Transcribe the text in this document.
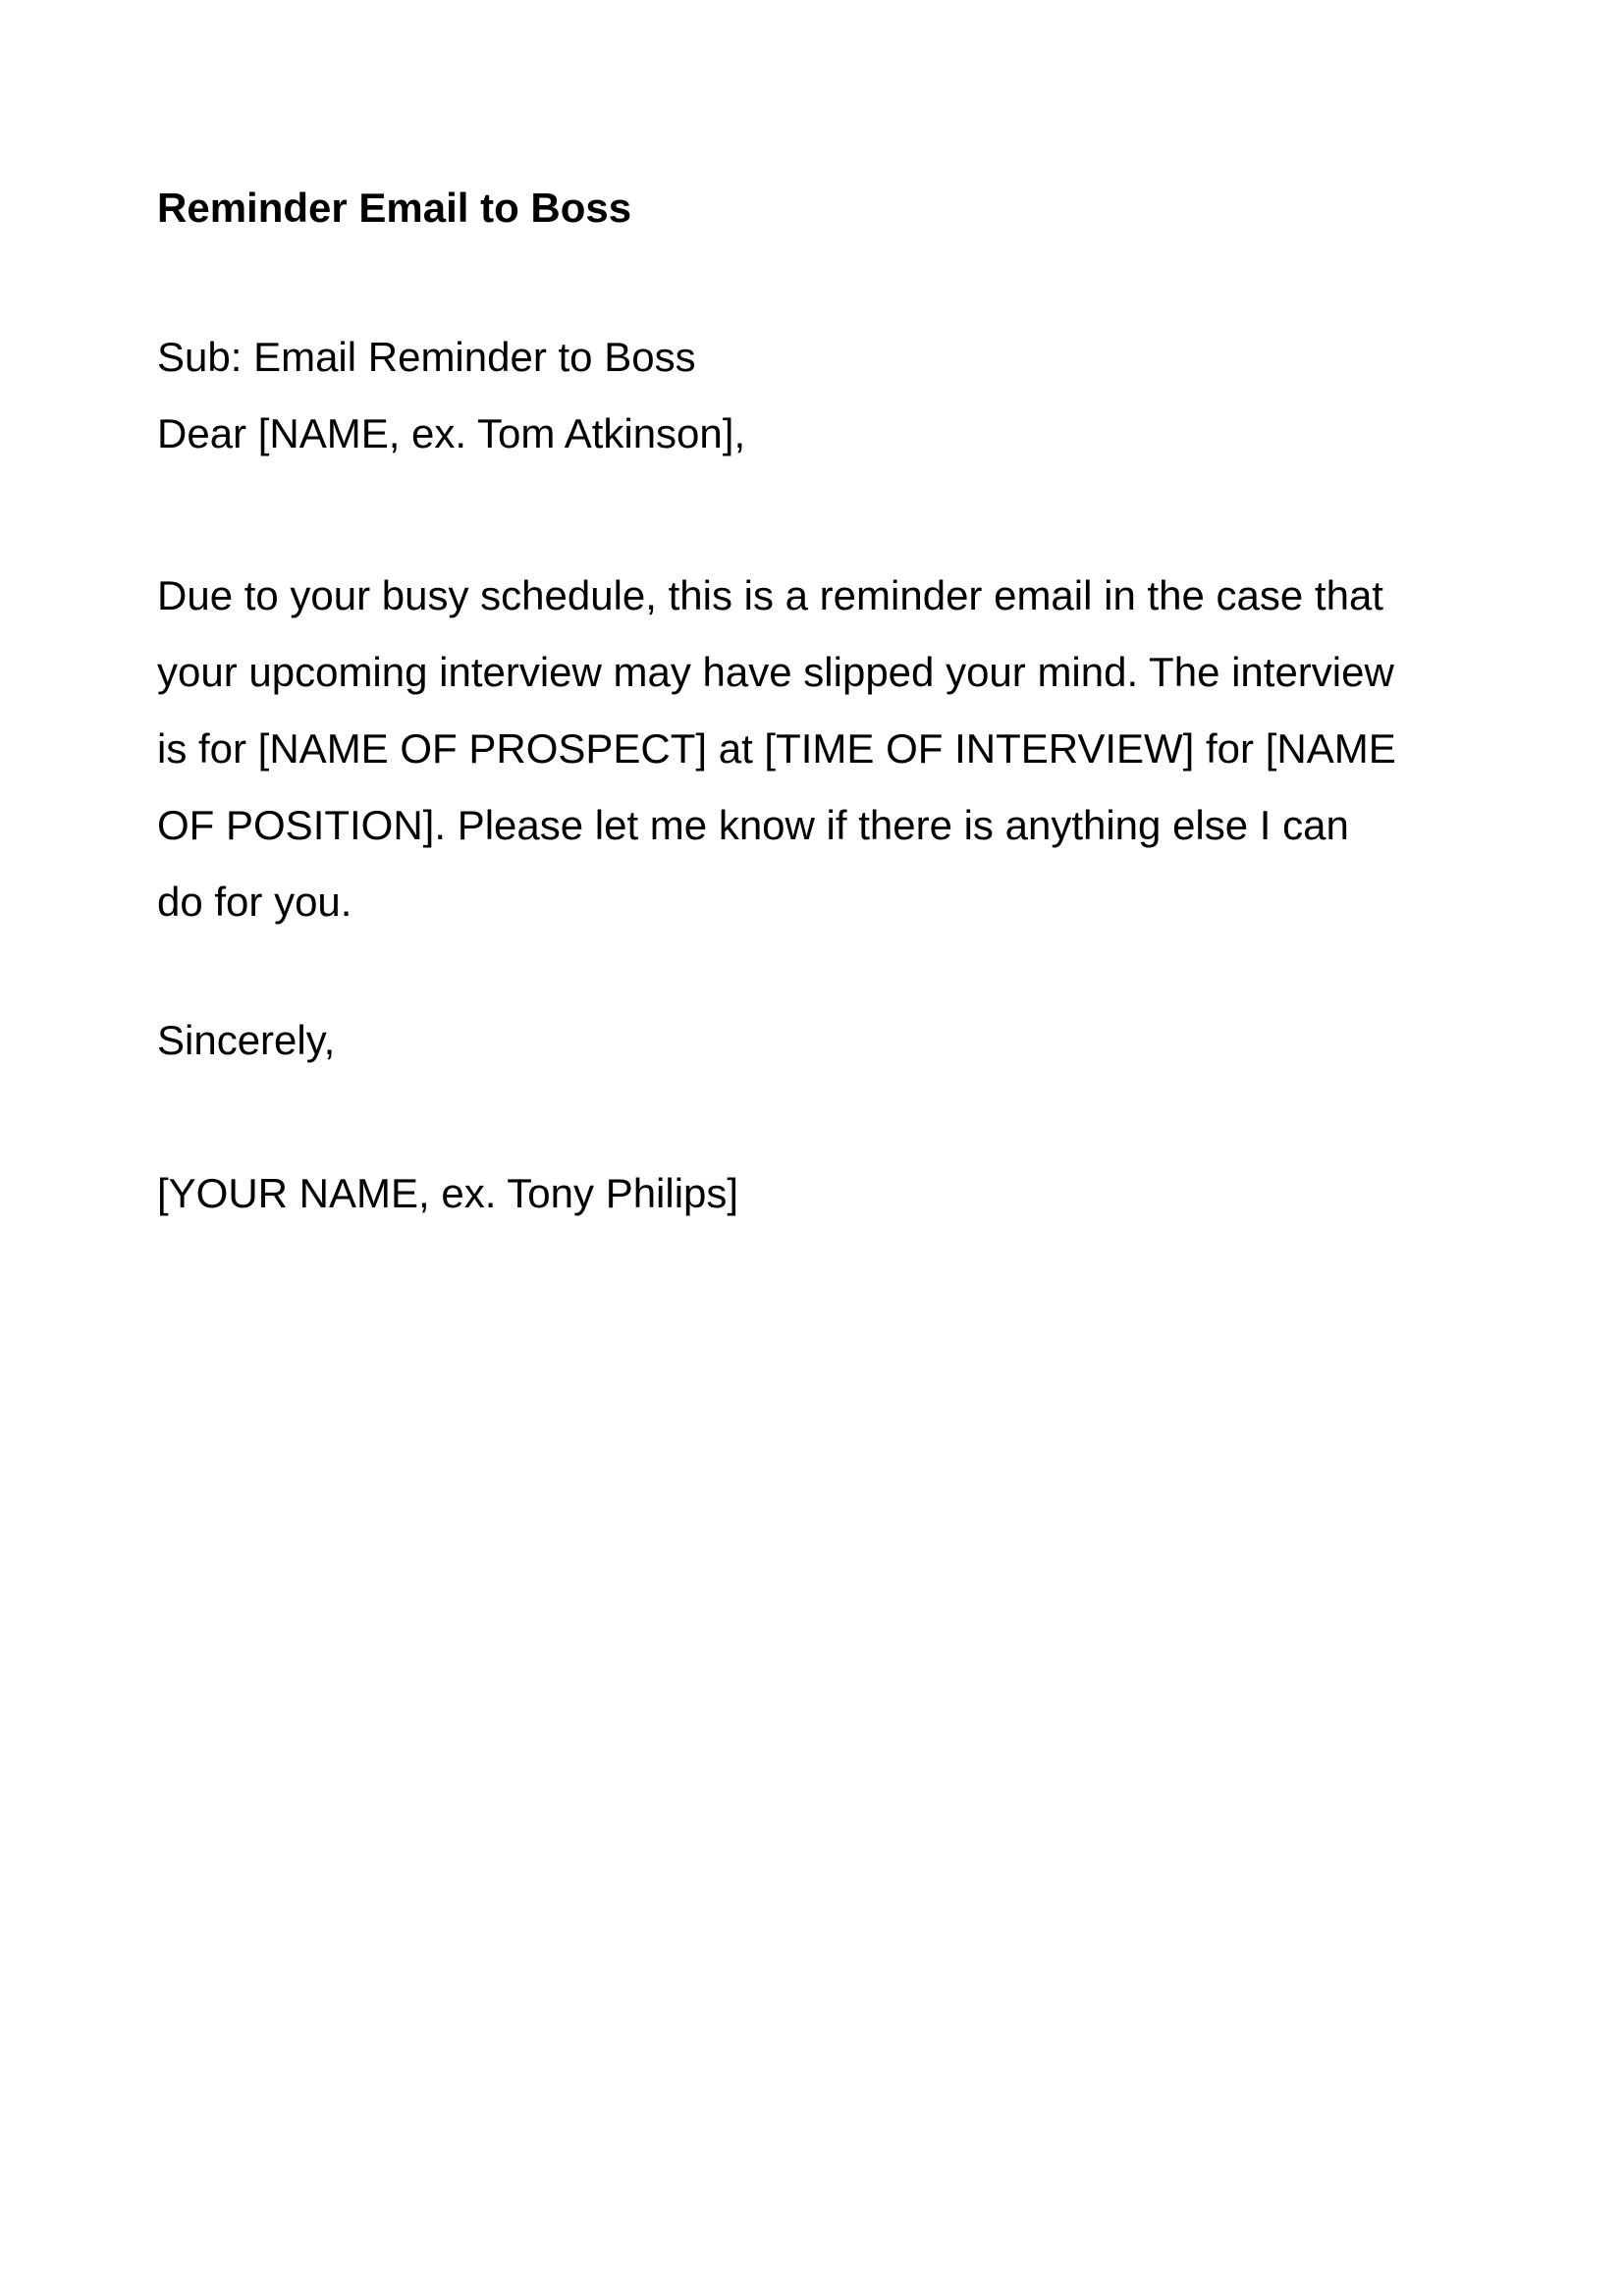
Reminder Email to Boss

Sub: Email Reminder to Boss

Dear [NAME, ex. Tom Atkinson],

Due to your busy schedule, this is a reminder email in the case that
your upcoming interview may have slipped your mind. The interview
is for [NAME OF PROSPECT] at [TIME OF INTERVIEW] for [NAME
OF POSITION]. Please let me know if there is anything else I can
do for you.

Sincerely,

[YOUR NAME, ex. Tony Philips]
